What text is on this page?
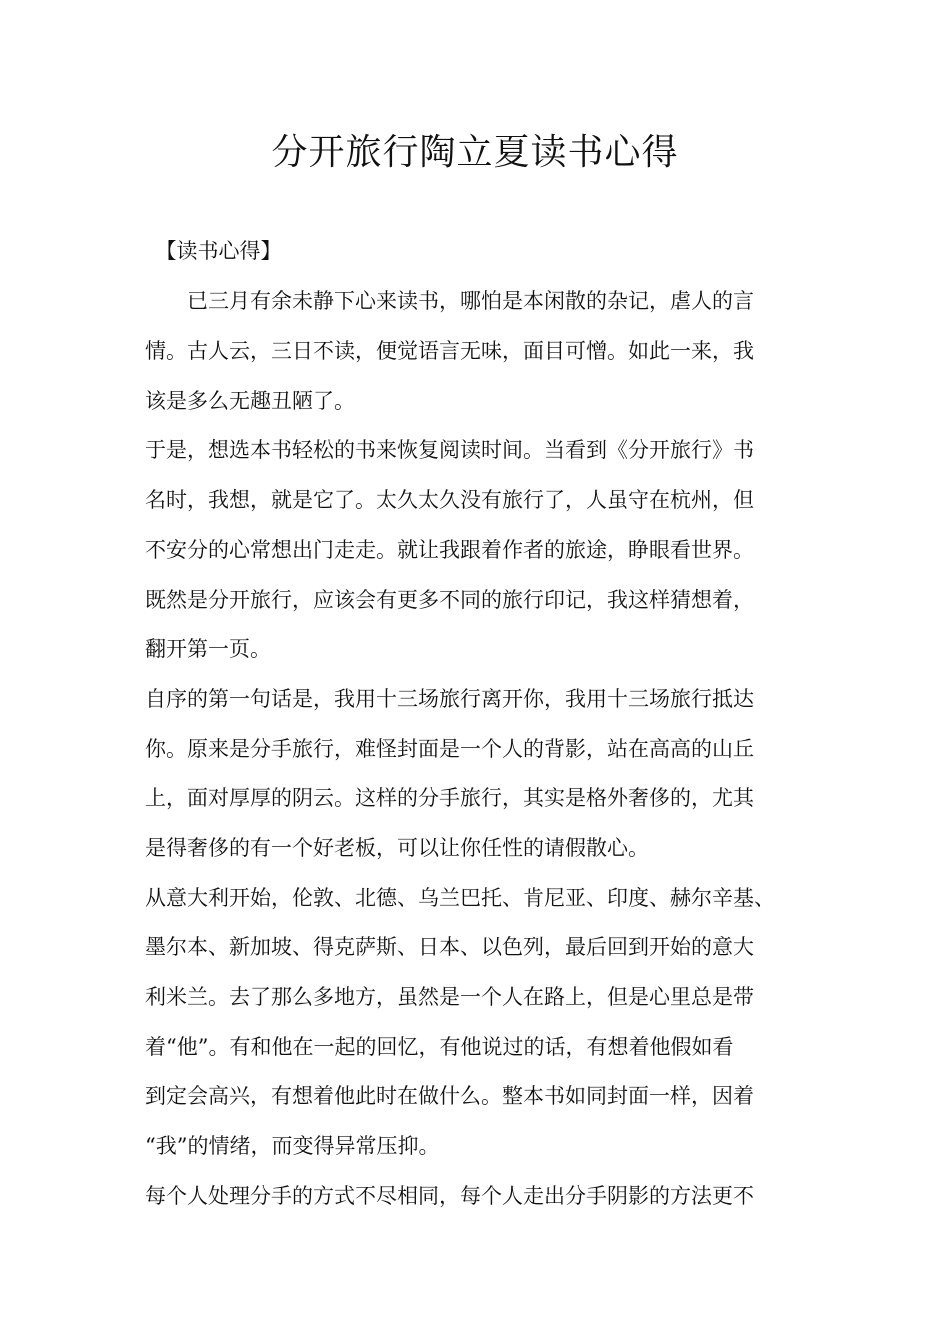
分开旅行陶立夏读书心得
　【读书心得】
　　已三月有余未静下心来读书，哪怕是本闲散的杂记，虐人的言
情。古人云，三日不读，便觉语言无味，面目可憎。如此一来，我
该是多么无趣丑陋了。
于是，想选本书轻松的书来恢复阅读时间。当看到《分开旅行》书
名时，我想，就是它了。太久太久没有旅行了，人虽守在杭州，但
不安分的心常想出门走走。就让我跟着作者的旅途，睁眼看世界。
既然是分开旅行，应该会有更多不同的旅行印记，我这样猜想着，
翻开第一页。
自序的第一句话是，我用十三场旅行离开你，我用十三场旅行抵达
你。原来是分手旅行，难怪封面是一个人的背影，站在高高的山丘
上，面对厚厚的阴云。这样的分手旅行，其实是格外奢侈的，尤其
是得奢侈的有一个好老板，可以让你任性的请假散心。
从意大利开始，伦敦、北德、乌兰巴托、肯尼亚、印度、赫尔辛基、
墨尔本、新加坡、得克萨斯、日本、以色列，最后回到开始的意大
利米兰。去了那么多地方，虽然是一个人在路上，但是心里总是带
着“他”。有和他在一起的回忆，有他说过的话，有想着他假如看
到定会高兴，有想着他此时在做什么。整本书如同封面一样，因着
“我”的情绪，而变得异常压抑。
每个人处理分手的方式不尽相同，每个人走出分手阴影的方法更不
